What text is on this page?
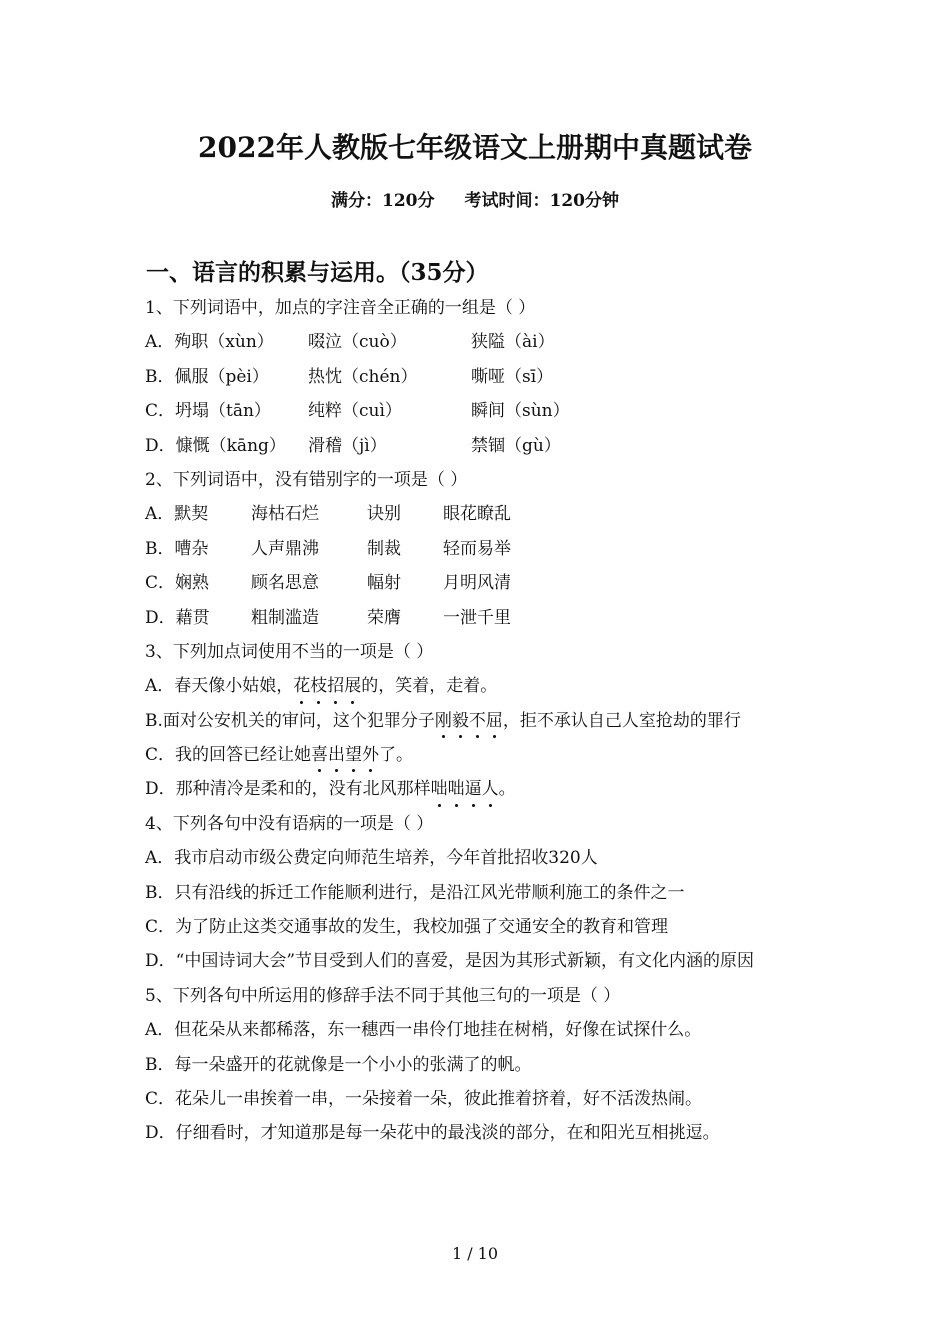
2022年人教版七年级语文上册期中真题试卷
满分：120分 考试时间：120分钟
一、语言的积累与运用。（35分）
1、下列词语中，加点的字注音全正确的一组是（ ）
A．殉职（xùn） 啜泣（cuò）	狭隘（ài）
B．佩服（pèi） 热忱（chén）	嘶哑（sī）
C．坍塌（tān） 纯粹（cuì）	瞬间（sùn）
D．慷慨（kāng） 滑稽（jì）	禁锢（gù）
2、下列词语中，没有错别字的一项是（ ）
A．默契	海枯石烂	诀别 眼花瞭乱
B．嘈杂	人声鼎沸	制裁 轻而易举
C．娴熟 顾名思意	幅射 月明风清
D．藉贯 粗制滥造	荣膺 一泄千里
3、下列加点词使用不当的一项是（ ）
A．春天像小姑娘，花枝招展的，笑着，走着。
B.面对公安机关的审问，这个犯罪分子刚毅不屈，拒不承认自己人室抢劫的罪行
C．我的回答已经让她喜出望外了。
D．那种清冷是柔和的，没有北风那样咄咄逼人。
4、下列各句中没有语病的一项是（ ）
A．我市启动市级公费定向师范生培养，今年首批招收320人
B．只有沿线的拆迁工作能顺利进行，是沿江风光带顺利施工的条件之一
C．为了防止这类交通事故的发生，我校加强了交通安全的教育和管理
D．“中国诗词大会”节目受到人们的喜爱，是因为其形式新颖，有文化内涵的原因
5、下列各句中所运用的修辞手法不同于其他三句的一项是（ ）
A．但花朵从来都稀落，东一穗西一串伶仃地挂在树梢，好像在试探什么。
B．每一朵盛开的花就像是一个小小的张满了的帆。
C．花朵儿一串挨着一串，一朵接着一朵，彼此推着挤着，好不活泼热闹。
D．仔细看时，才知道那是每一朵花中的最浅淡的部分，在和阳光互相挑逗。
1 / 10
